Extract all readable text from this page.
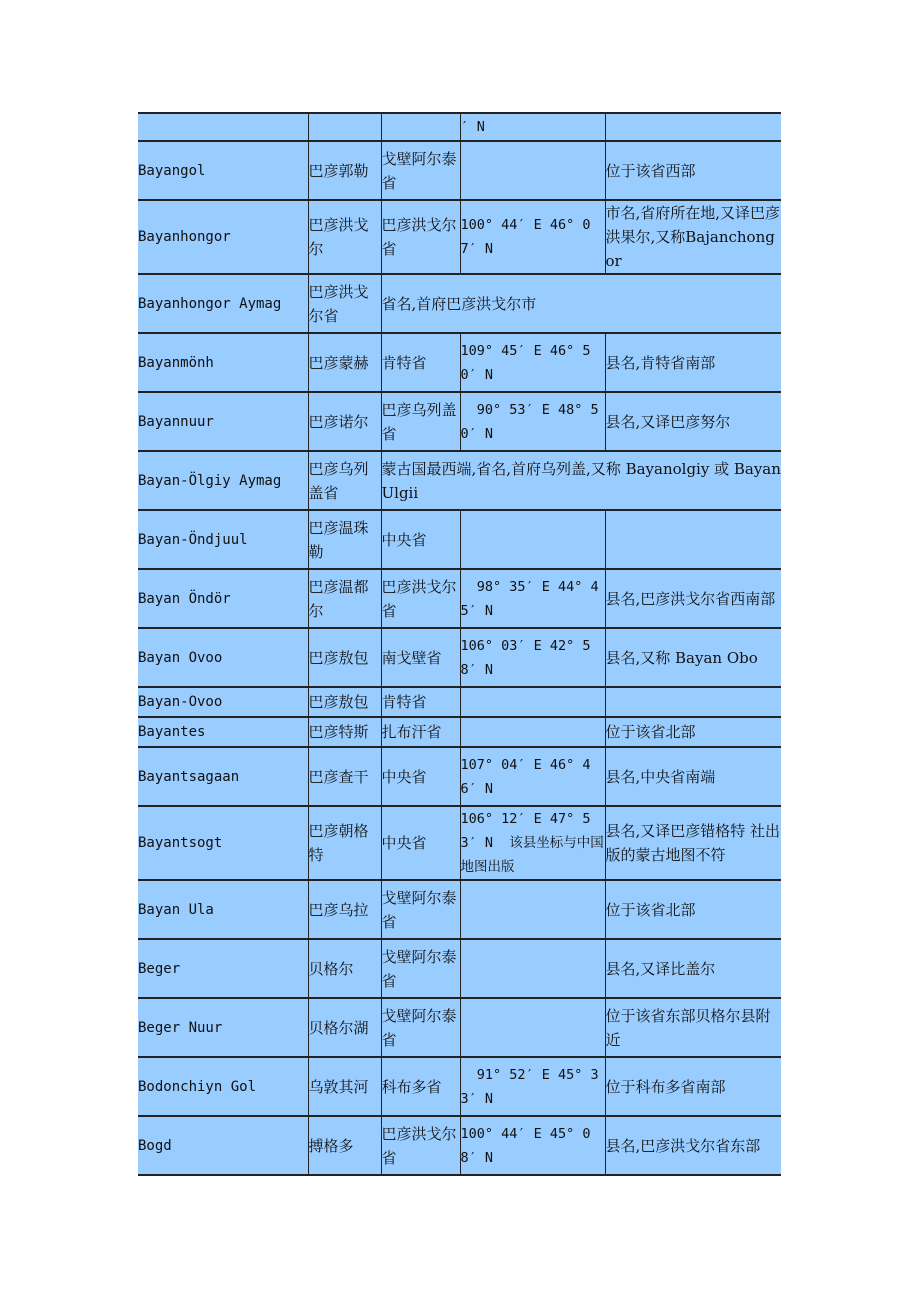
			′ N	
Bayangol	巴彦郭勒	戈壁阿尔泰省		位于该省西部
Bayanhongor	巴彦洪戈尔	巴彦洪戈尔省	100° 44′ E 46° 07′ N	市名,省府所在地,又译巴彦洪果尔,又称Bajanchongor
Bayanhongor Aymag	巴彦洪戈尔省	省名,首府巴彦洪戈尔市		
Bayanmönh	巴彦蒙赫	肯特省	109° 45′ E 46° 50′ N	县名,肯特省南部
Bayannuur	巴彦诺尔	巴彦乌列盖省	90° 53′ E 48° 50′ N	县名,又译巴彦努尔
Bayan-Ölgiy Aymag	巴彦乌列盖省	蒙古国最西端,省名,首府乌列盖,又称 Bayanolgiy 或 BayanUlgii		
Bayan-Öndjuul	巴彦温珠勒	中央省		
Bayan Öndör	巴彦温都尔	巴彦洪戈尔省	98° 35′ E 44° 45′ N	县名,巴彦洪戈尔省西南部
Bayan Ovoo	巴彦敖包	南戈壁省	106° 03′ E 42° 58′ N	县名,又称 Bayan Obo
Bayan-Ovoo	巴彦敖包	肯特省		
Bayantes	巴彦特斯	扎布汗省		位于该省北部
Bayantsagaan	巴彦查干	中央省	107° 04′ E 46° 46′ N	县名,中央省南端
Bayantsogt	巴彦朝格特	中央省	106° 12′ E 47° 53′ N  该县坐标与中国地图出版	县名,又译巴彦错格特 社出版的蒙古地图不符
Bayan Ula	巴彦乌拉	戈壁阿尔泰省		位于该省北部
Beger	贝格尔	戈壁阿尔泰省		县名,又译比盖尔
Beger Nuur	贝格尔湖	戈壁阿尔泰省		位于该省东部贝格尔县附近
Bodonchiyn Gol	乌敦其河	科布多省	91° 52′ E 45° 33′ N	位于科布多省南部
Bogd	搏格多	巴彦洪戈尔省	100° 44′ E 45° 08′ N	县名,巴彦洪戈尔省东部
